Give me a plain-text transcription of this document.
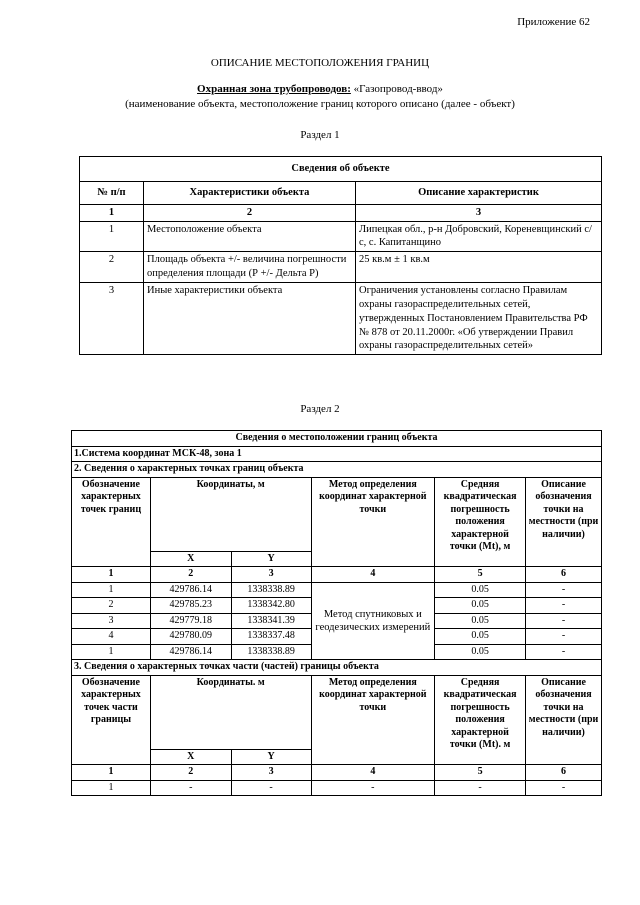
Приложение 62
ОПИСАНИЕ МЕСТОПОЛОЖЕНИЯ ГРАНИЦ
Охранная зона трубопроводов: «Газопровод-ввод»
(наименование объекта, местоположение границ которого описано (далее - объект)
Раздел 1
Сведения об объекте		
№ п/п	Характеристики объекта	Описание характеристик
1	2	3
1	Местоположение объекта	Липецкая обл., р-н Добровский, Кореневщинский с/с, с. Капитанщино
2	Площадь объекта +/- величина погрешности определения площади (Р +/- Дельта Р)	25 кв.м ± 1 кв.м
3	Иные характеристики объекта	Ограничения установлены согласно Правилам охраны газораспределительных сетей, утвержденных Постановлением Правительства РФ № 878 от 20.11.2000г. «Об утверждении Правил охраны газораспределительных сетей»
Раздел 2
Сведения о местоположении границ объекта					
1.Система координат МСК-48, зона 1					
2. Сведения о характерных точках границ объекта					
Обозначение характерных точек границ	Координаты, м		Метод определения координат характерной точки	Средняя квадратическая погрешность положения характерной точки (Mt), м	Описание обозначения точки на местности (при наличии)
	X	Y			
1	2	3	4	5	6
1	429786.14	1338338.89	Метод спутниковых и геодезических измерений	0.05	-
2	429785.23	1338342.80		0.05	-
3	429779.18	1338341.39		0.05	-
4	429780.09	1338337.48		0.05	-
1	429786.14	1338338.89		0.05	-
3. Сведения о характерных точках части (частей) границы объекта					
Обозначение характерных точек части границы	Координаты. м		Метод определения координат характерной точки	Средняя квадратическая погрешность положения характерной точки (Mt). м	Описание обозначения точки на местности (при наличии)
	X	Y			
1	2	3	4	5	6
1	-	-	-	-	-
